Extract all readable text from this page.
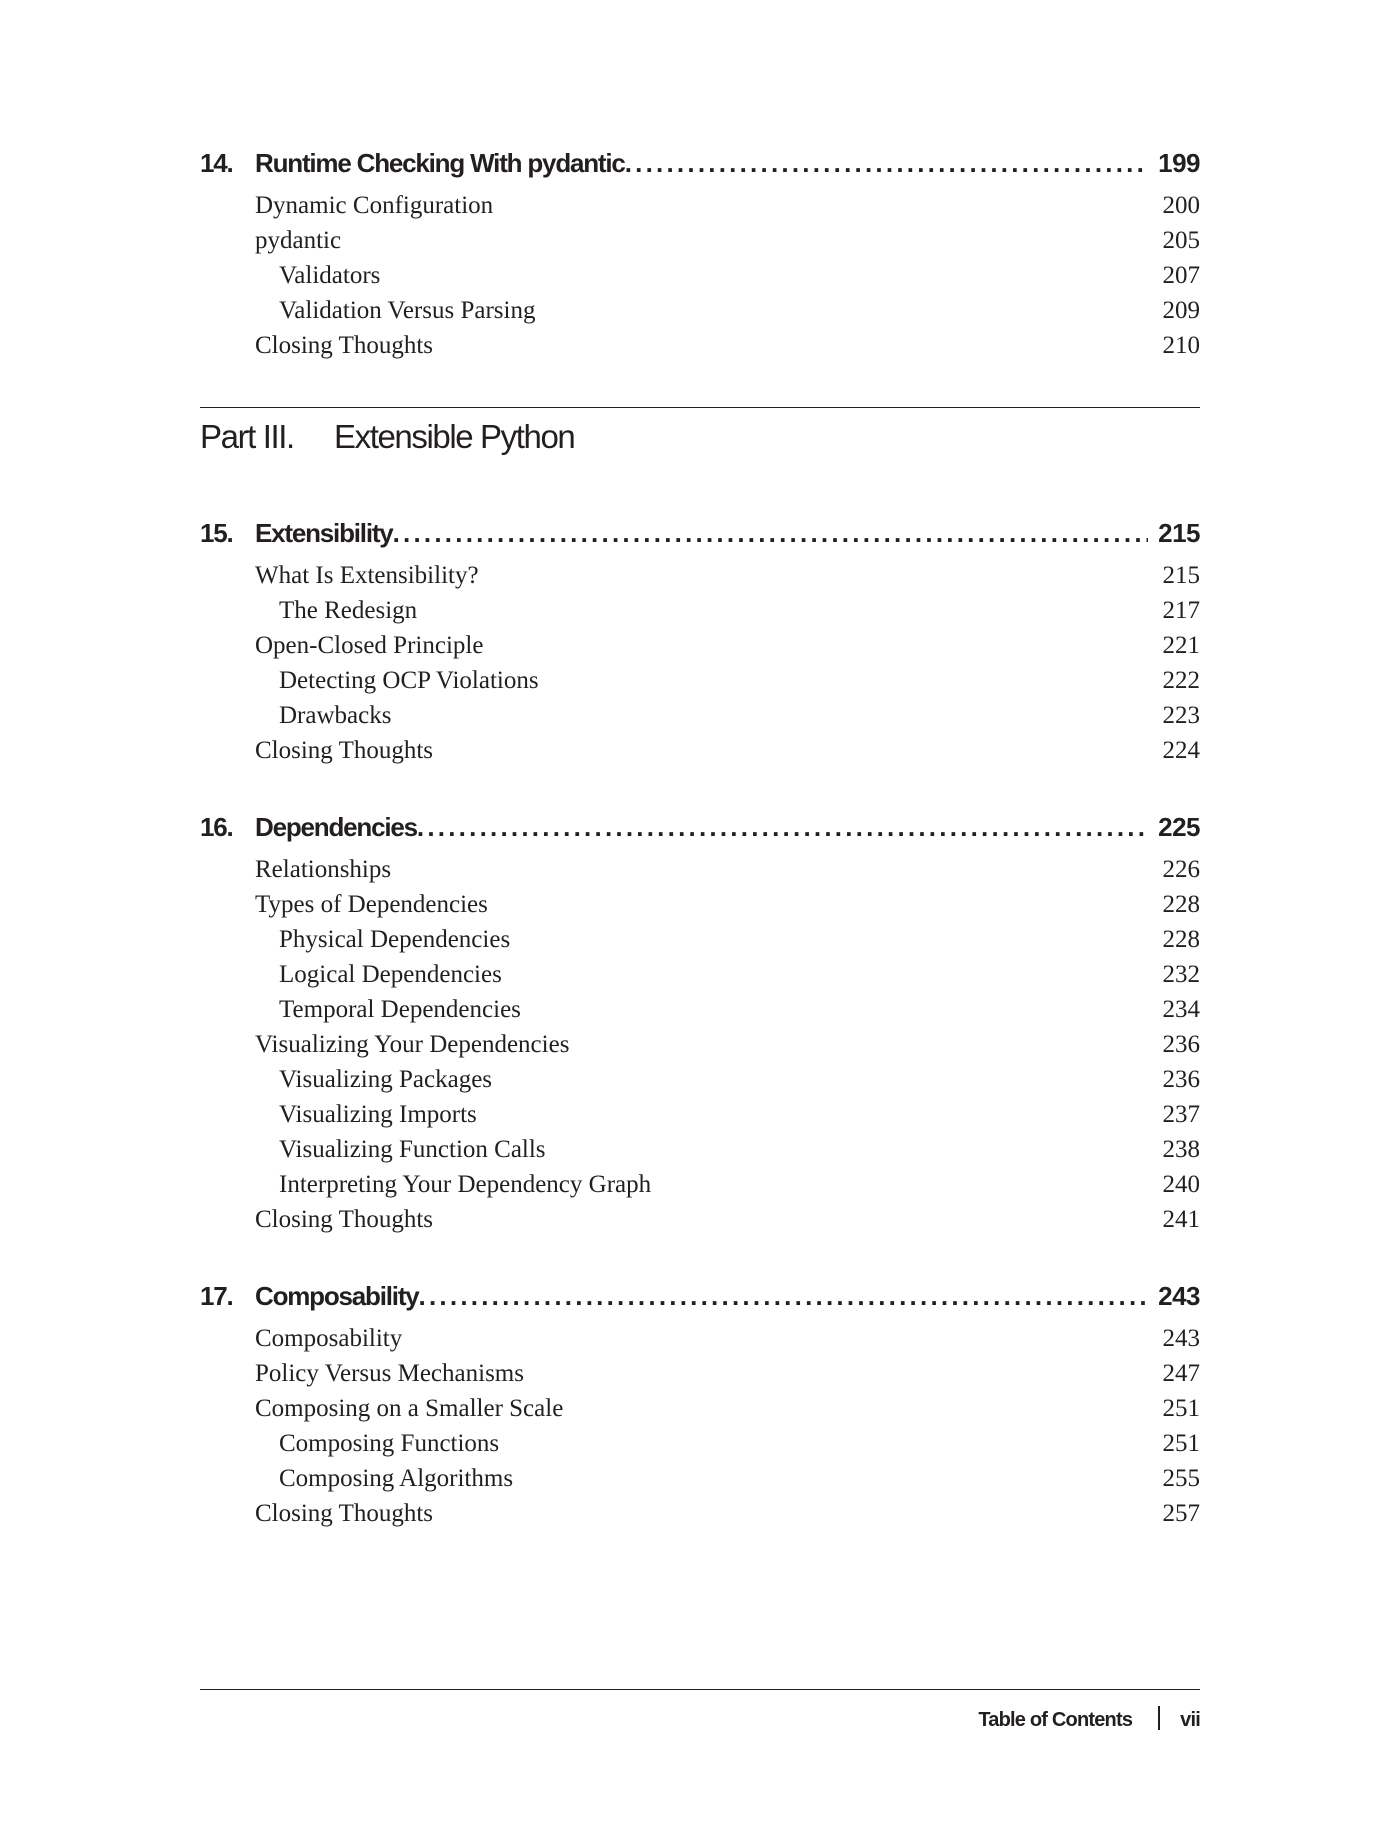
14. Runtime Checking With pydantic . . .	199
Dynamic Configuration	200
pydantic	205
Validators	207
Validation Versus Parsing	209
Closing Thoughts	210
Part III.	Extensible Python
15. Extensibility . . .	215
What Is Extensibility?	215
The Redesign	217
Open-Closed Principle	221
Detecting OCP Violations	222
Drawbacks	223
Closing Thoughts	224
16. Dependencies . . .	225
Relationships	226
Types of Dependencies	228
Physical Dependencies	228
Logical Dependencies	232
Temporal Dependencies	234
Visualizing Your Dependencies	236
Visualizing Packages	236
Visualizing Imports	237
Visualizing Function Calls	238
Interpreting Your Dependency Graph	240
Closing Thoughts	241
17. Composability . . .	243
Composability	243
Policy Versus Mechanisms	247
Composing on a Smaller Scale	251
Composing Functions	251
Composing Algorithms	255
Closing Thoughts	257
Table of Contents vii
